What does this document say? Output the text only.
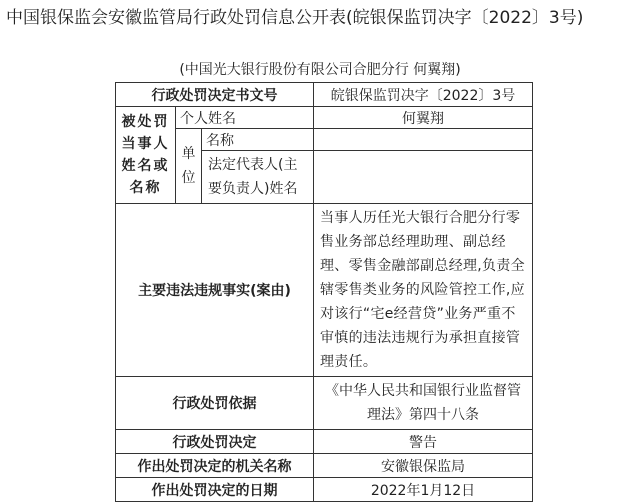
中国银保监会安徽监管局行政处罚信息公开表(皖银保监罚决字〔2022〕3号)
(中国光大银行股份有限公司合肥分行 何翼翔)
行政处罚决定书文号			皖银保监罚决字〔2022〕3号
被处罚当事人姓名或名称	个人姓名		何翼翔
	单位	名称	
		法定代表人(主要负责人)姓名	

主要违法违规事实(案由)			当事人历任光大银行合肥分行零售业务部总经理助理、副总经理、零售金融部副总经理,负责全辖零售类业务的风险管控工作,应对该行“宅e经营贷”业务严重不审慎的违法违规行为承担直接管理责任。
行政处罚依据			《中华人民共和国银行业监督管理法》第四十八条
行政处罚决定			警告
作出处罚决定的机关名称			安徽银保监局
作出处罚决定的日期			2022年1月12日
